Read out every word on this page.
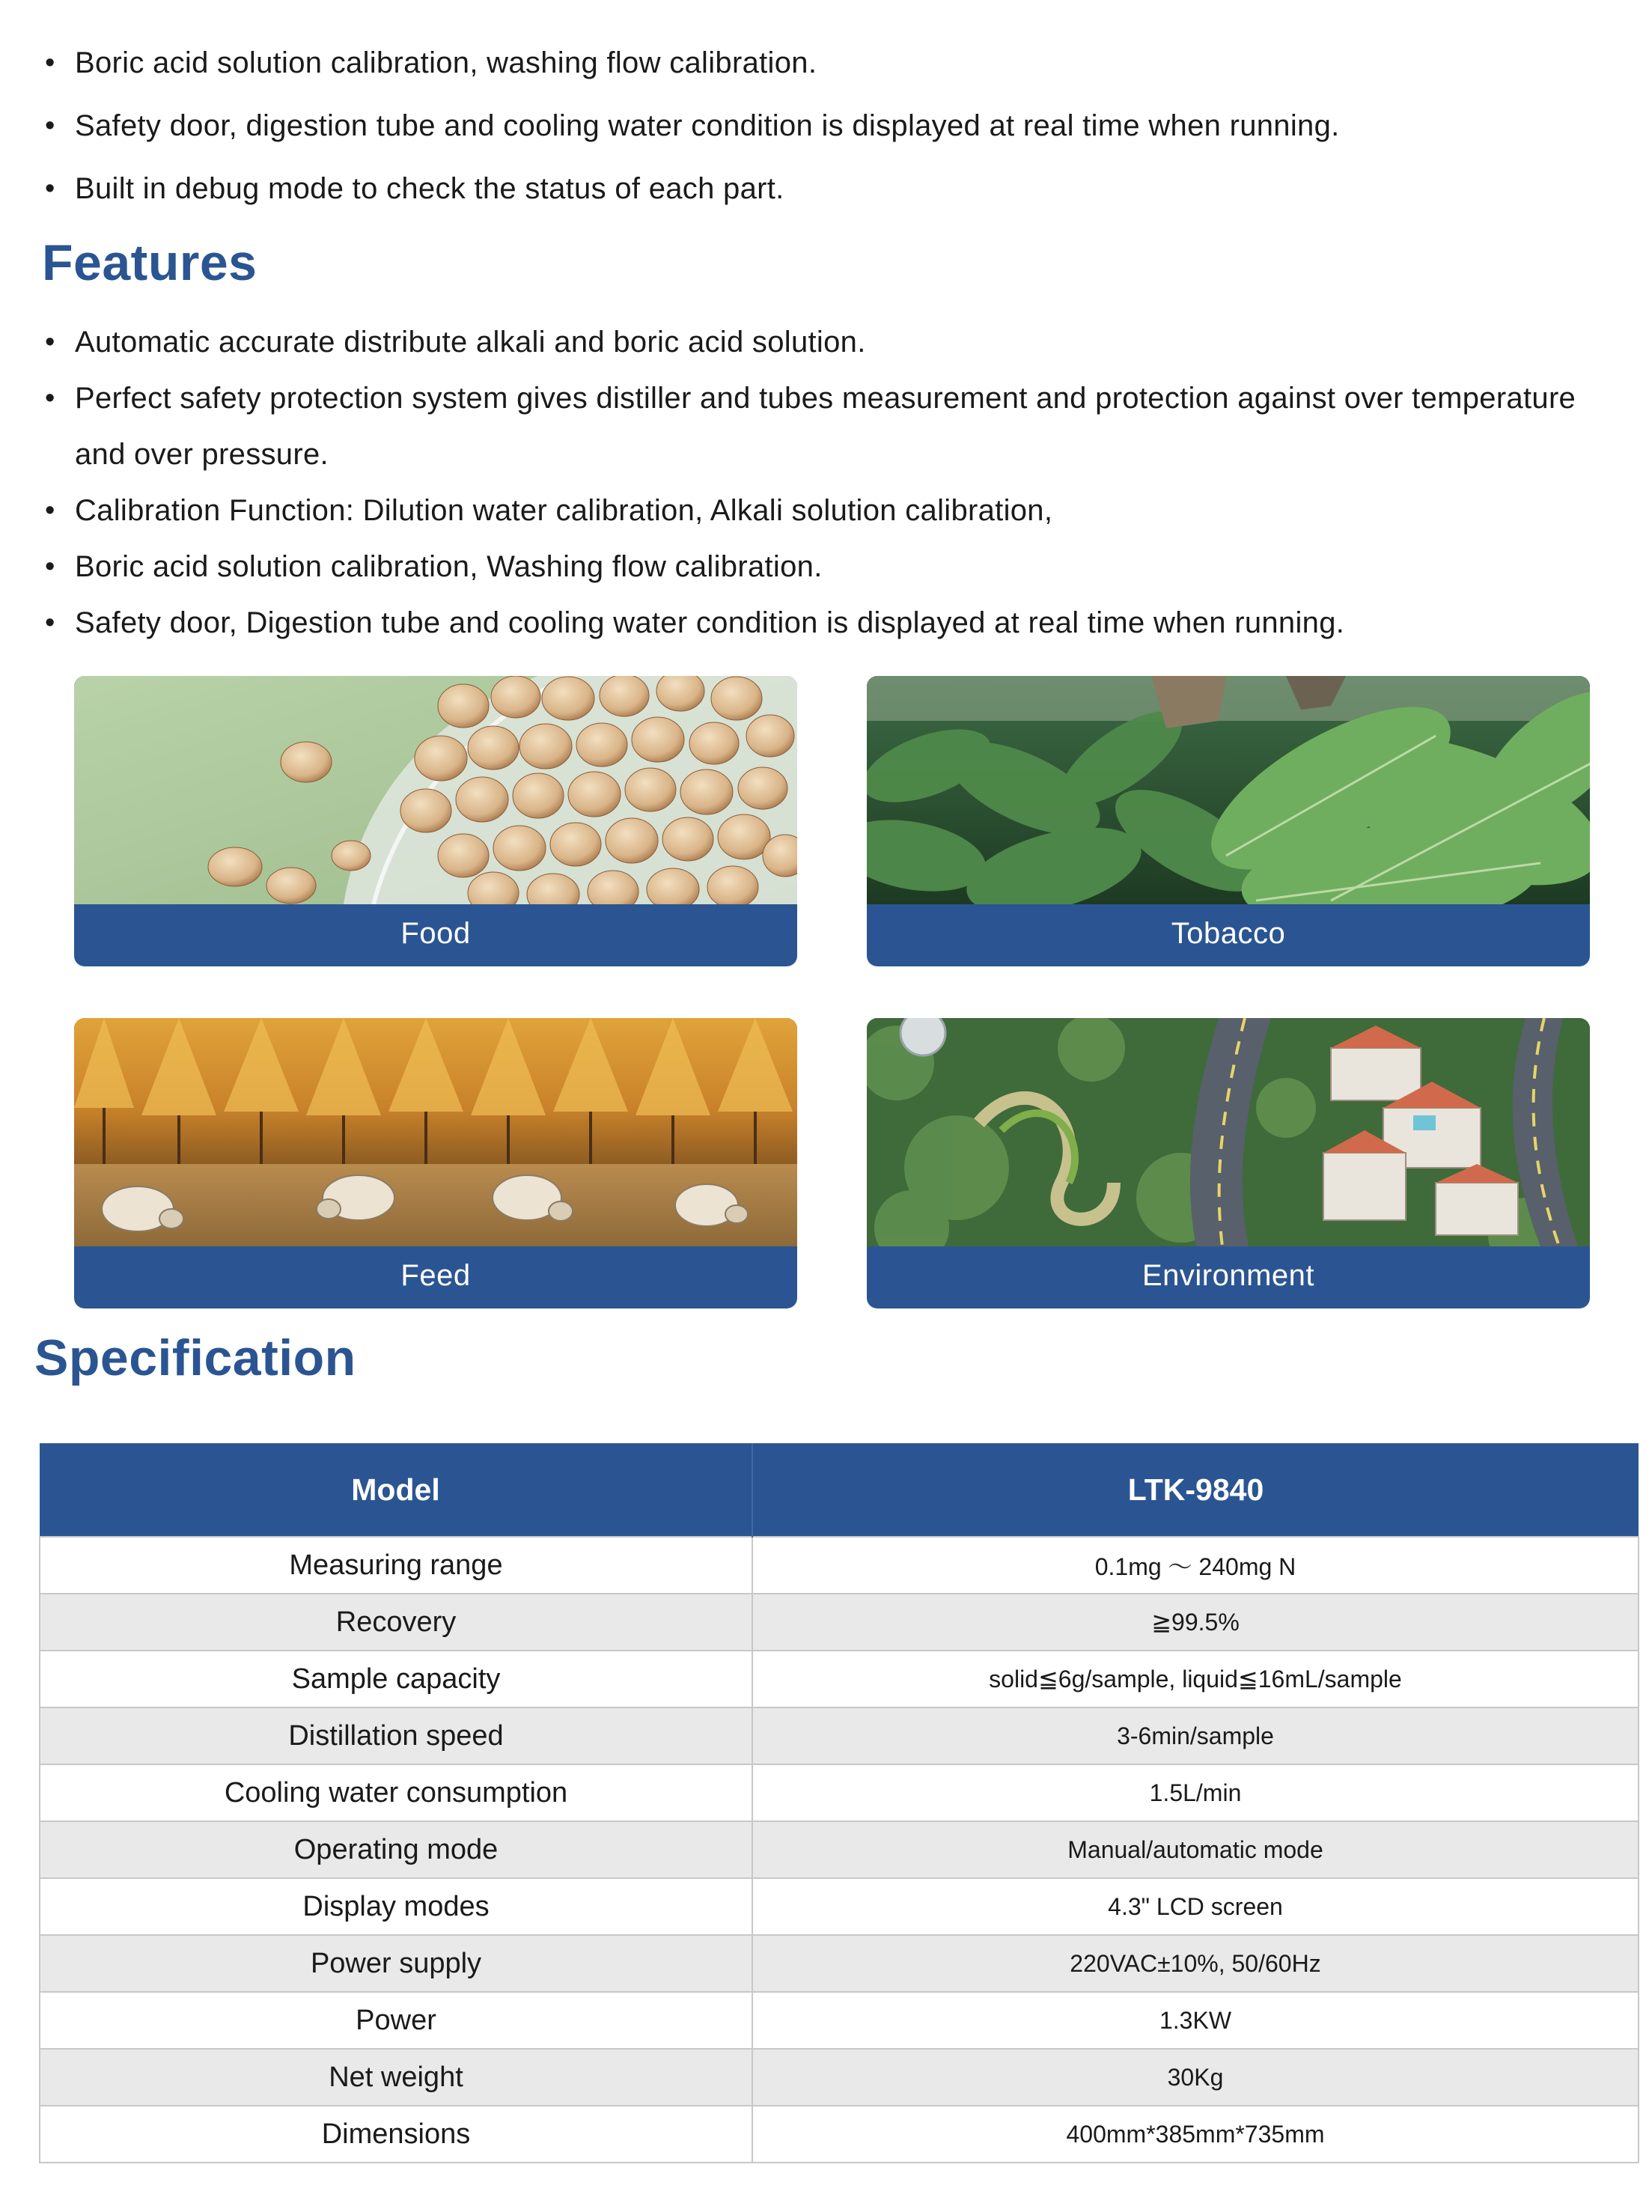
• Boric acid solution calibration, washing flow calibration.
• Safety door, digestion tube and cooling water condition is displayed at real time when running.
• Built in debug mode to check the status of each part.
Features
• Automatic accurate distribute alkali and boric acid solution.
• Perfect safety protection system gives distiller and tubes measurement and protection against over temperature and over pressure.
• Calibration Function: Dilution water calibration, Alkali solution calibration,
• Boric acid solution calibration, Washing flow calibration.
• Safety door, Digestion tube and cooling water condition is displayed at real time when running.
Food	Tobacco
Feed	Environment
Specification
Model	LTK-9840
Measuring range	0.1mg ～ 240mg N
Recovery	≧99.5%
Sample capacity	solid≦6g/sample, liquid≦16mL/sample
Distillation speed	3-6min/sample
Cooling water consumption	1.5L/min
Operating mode	Manual/automatic mode
Display modes	4.3" LCD screen
Power supply	220VAC±10%, 50/60Hz
Power	1.3KW
Net weight	30Kg
Dimensions	400mm*385mm*735mm
